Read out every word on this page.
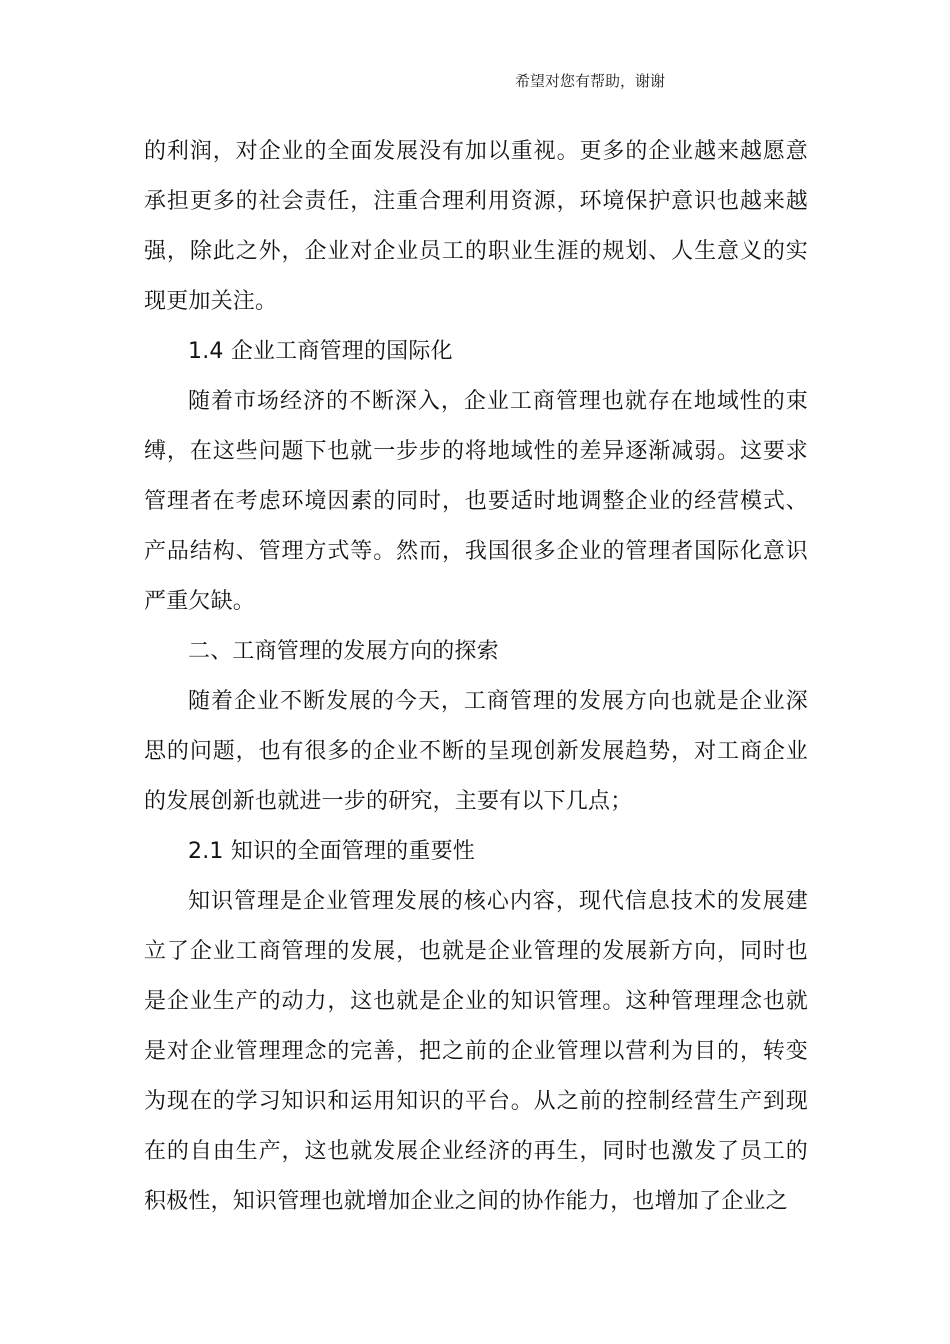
希望对您有帮助，谢谢

的利润，对企业的全面发展没有加以重视。更多的企业越来越愿意承担更多的社会责任，注重合理利用资源，环境保护意识也越来越强，除此之外，企业对企业员工的职业生涯的规划、人生意义的实现更加关注。

1.4 企业工商管理的国际化

随着市场经济的不断深入，企业工商管理也就存在地域性的束缚，在这些问题下也就一步步的将地域性的差异逐渐减弱。这要求管理者在考虑环境因素的同时，也要适时地调整企业的经营模式、产品结构、管理方式等。然而，我国很多企业的管理者国际化意识严重欠缺。

二、工商管理的发展方向的探索

随着企业不断发展的今天，工商管理的发展方向也就是企业深思的问题，也有很多的企业不断的呈现创新发展趋势，对工商企业的发展创新也就进一步的研究，主要有以下几点；

2.1 知识的全面管理的重要性

知识管理是企业管理发展的核心内容，现代信息技术的发展建立了企业工商管理的发展，也就是企业管理的发展新方向，同时也是企业生产的动力，这也就是企业的知识管理。这种管理理念也就是对企业管理理念的完善，把之前的企业管理以营利为目的，转变为现在的学习知识和运用知识的平台。从之前的控制经营生产到现在的自由生产，这也就发展企业经济的再生，同时也激发了员工的积极性，知识管理也就增加企业之间的协作能力，也增加了企业之
